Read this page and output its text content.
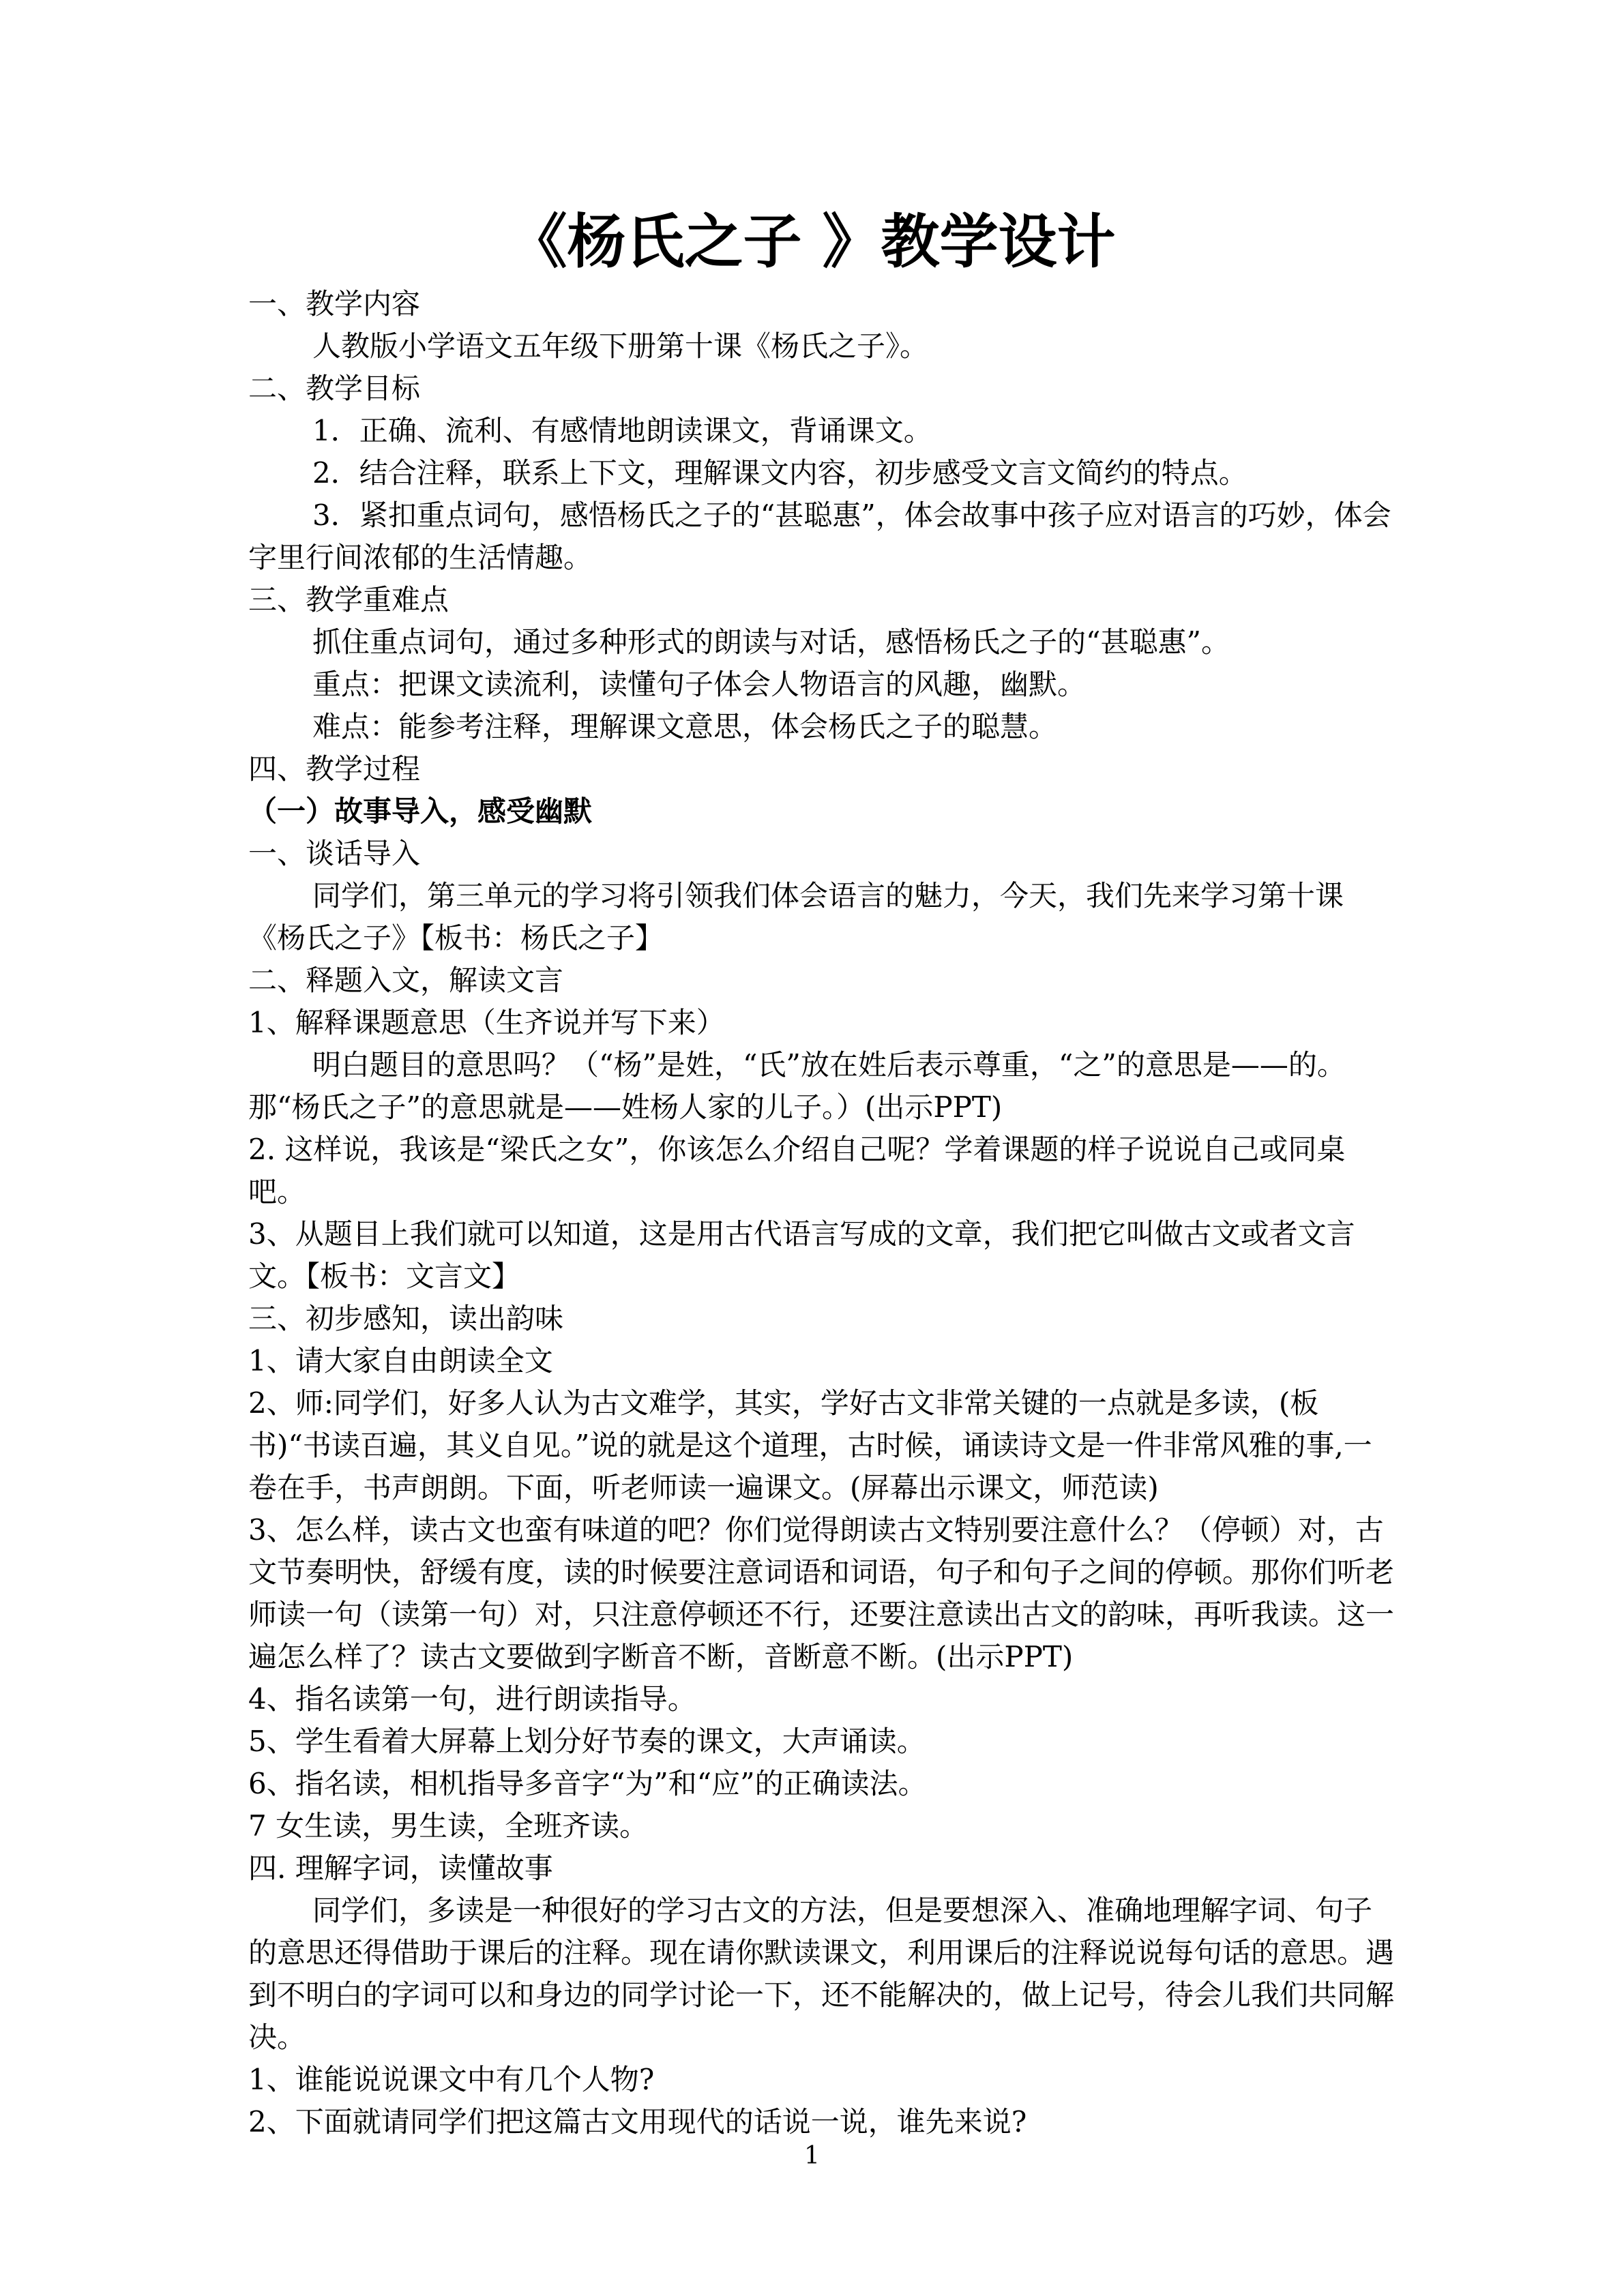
《杨氏之子 》教学设计

一、教学内容

人教版小学语文五年级下册第十课《杨氏之子》。

二、教学目标

1．正确、流利、有感情地朗读课文，背诵课文。

2．结合注释，联系上下文，理解课文内容，初步感受文言文简约的特点。

3．紧扣重点词句，感悟杨氏之子的“甚聪惠”，体会故事中孩子应对语言的巧妙，体会字里行间浓郁的生活情趣。

三、教学重难点

抓住重点词句，通过多种形式的朗读与对话，感悟杨氏之子的“甚聪惠”。

重点：把课文读流利，读懂句子体会人物语言的风趣，幽默。

难点：能参考注释，理解课文意思，体会杨氏之子的聪慧。

四、教学过程

（一）故事导入，感受幽默

一、谈话导入

同学们，第三单元的学习将引领我们体会语言的魅力，今天，我们先来学习第十课《杨氏之子》【板书：杨氏之子】

二、释题入文，解读文言

1、解释课题意思（生齐说并写下来）

明白题目的意思吗？（“杨”是姓，“氏”放在姓后表示尊重，“之”的意思是——的。那“杨氏之子”的意思就是——姓杨人家的儿子。）(出示PPT)

2. 这样说，我该是“梁氏之女”，你该怎么介绍自己呢？学着课题的样子说说自己或同桌吧。

3、从题目上我们就可以知道，这是用古代语言写成的文章，我们把它叫做古文或者文言文。【板书：文言文】

三、初步感知，读出韵味

1、请大家自由朗读全文

2、师:同学们，好多人认为古文难学，其实，学好古文非常关键的一点就是多读，(板书)“书读百遍，其义自见。”说的就是这个道理，古时候，诵读诗文是一件非常风雅的事,一卷在手，书声朗朗。下面，听老师读一遍课文。(屏幕出示课文，师范读)

3、怎么样，读古文也蛮有味道的吧？你们觉得朗读古文特别要注意什么？（停顿）对，古文节奏明快，舒缓有度，读的时候要注意词语和词语，句子和句子之间的停顿。那你们听老师读一句（读第一句）对，只注意停顿还不行，还要注意读出古文的韵味，再听我读。这一遍怎么样了？读古文要做到字断音不断，音断意不断。(出示PPT)

4、指名读第一句，进行朗读指导。

5、学生看着大屏幕上划分好节奏的课文，大声诵读。

6、指名读，相机指导多音字“为”和“应”的正确读法。

7 女生读，男生读，全班齐读。

四. 理解字词，读懂故事

同学们，多读是一种很好的学习古文的方法，但是要想深入、准确地理解字词、句子的意思还得借助于课后的注释。现在请你默读课文，利用课后的注释说说每句话的意思。遇到不明白的字词可以和身边的同学讨论一下，还不能解决的，做上记号，待会儿我们共同解决。

1、谁能说说课文中有几个人物?

2、下面就请同学们把这篇古文用现代的话说一说，谁先来说?

1
